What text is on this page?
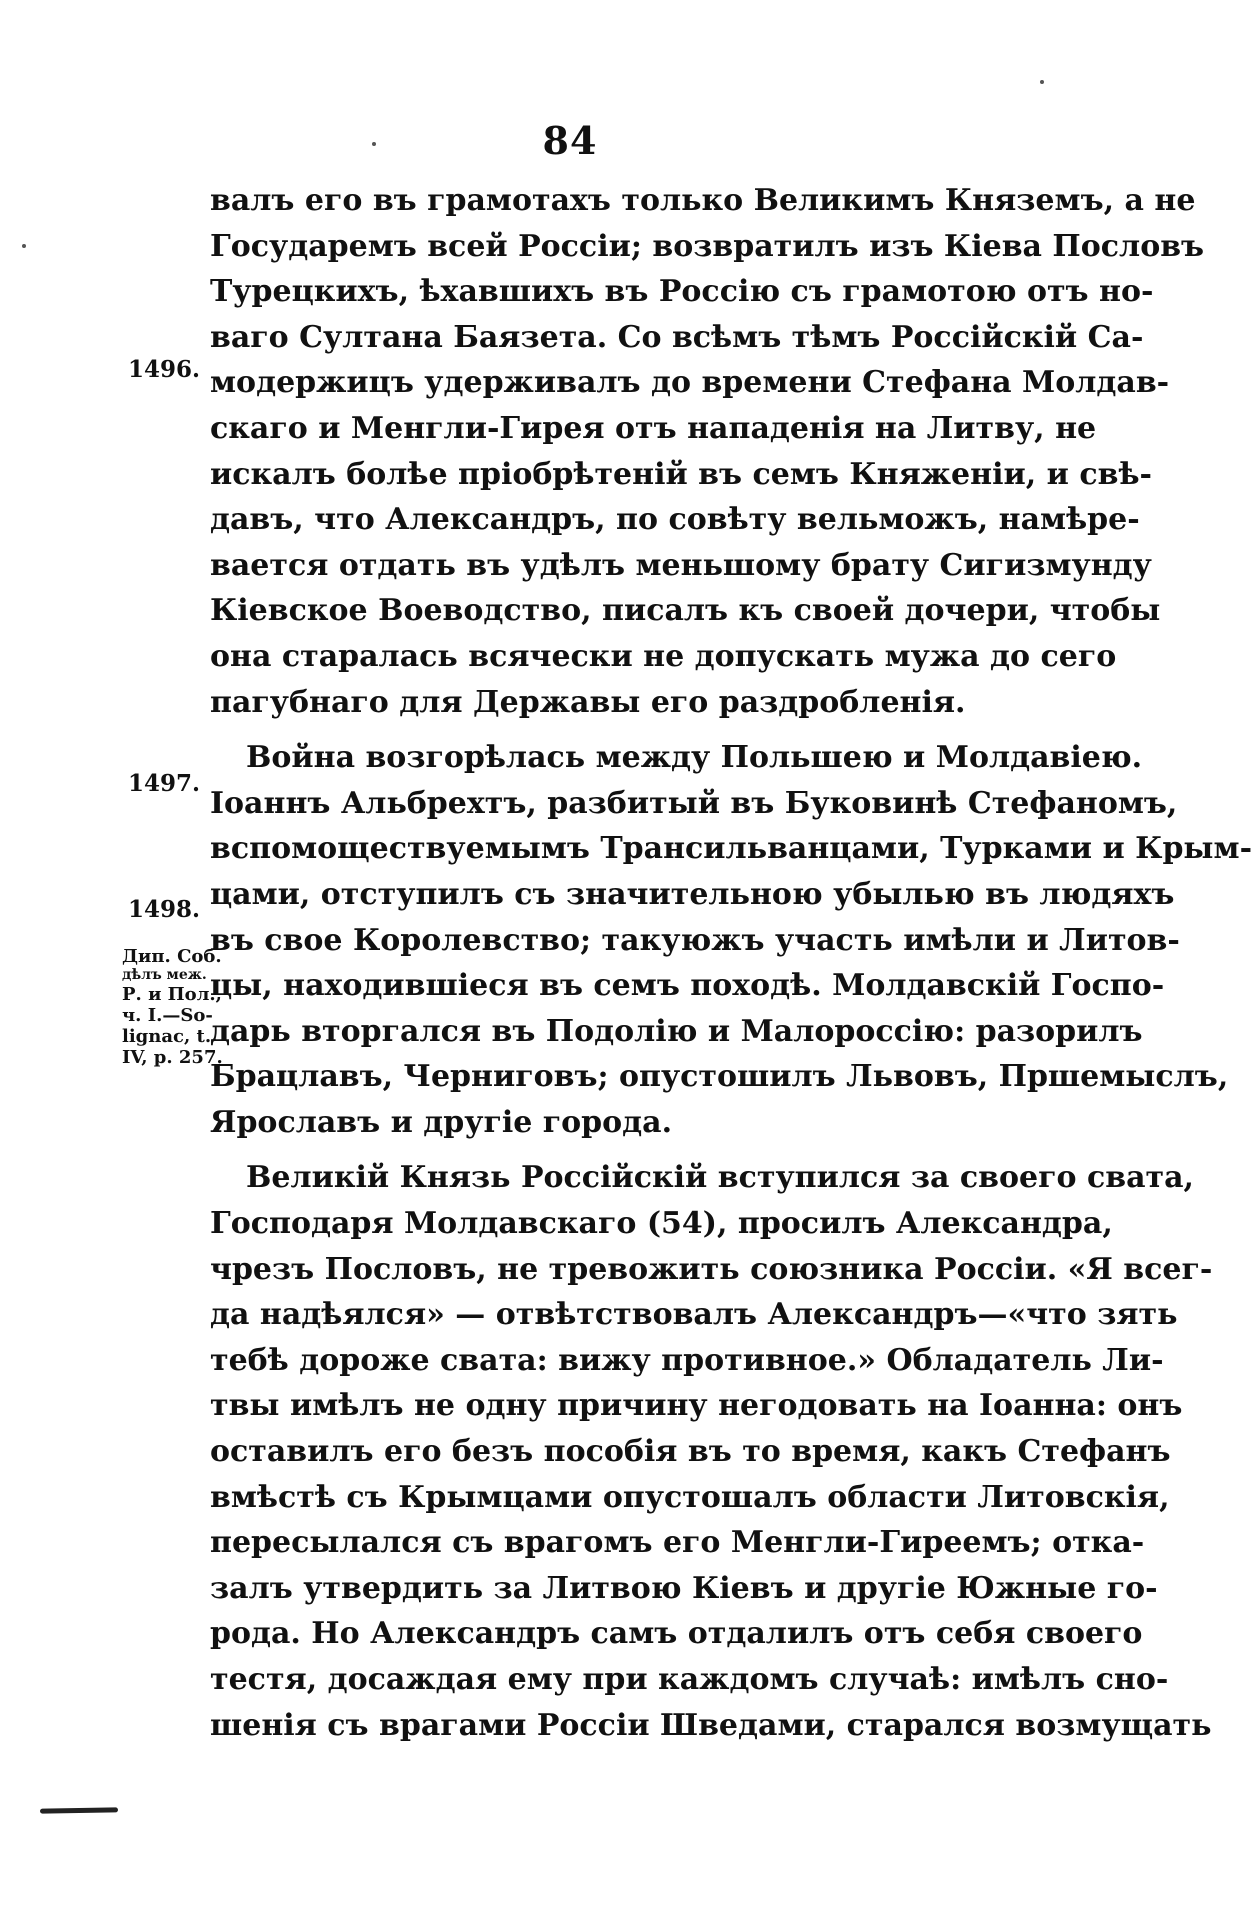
84
1496.
1497.
1498.
Дип. Соб.
дѣлъ меж.
Р. и Пол.,
ч. I.—So-
lignac, t.
IV, p. 257.
валъ его въ грамотахъ только Великимъ Княземъ, а не
Государемъ всей Россіи; возвратилъ изъ Кіева Пословъ
Турецкихъ, ѣхавшихъ въ Россію съ грамотою отъ но-
ваго Султана Баязета. Со всѣмъ тѣмъ Россійскій Са-
модержицъ удерживалъ до времени Стефана Молдав-
скаго и Менгли-Гирея отъ нападенія на Литву, не
искалъ болѣе пріобрѣтеній въ семъ Княженіи, и свѣ-
давъ, что Александръ, по совѣту вельможъ, намѣре-
вается отдать въ удѣлъ меньшому брату Сигизмунду
Кіевское Воеводство, писалъ къ своей дочери, чтобы
она старалась всячески не допускать мужа до сего
пагубнаго для Державы его раздробленія.
Война возгорѣлась между Польшею и Молдавіею.
Іоаннъ Альбрехтъ, разбитый въ Буковинѣ Стефаномъ,
вспомоществуемымъ Трансильванцами, Турками и Крым-
цами, отступилъ съ значительною убылью въ людяхъ
въ свое Королевство; такуюжъ участь имѣли и Литов-
цы, находившіеся въ семъ походѣ. Молдавскій Госпо-
дарь вторгался въ Подолію и Малороссію: разорилъ
Брацлавъ, Черниговъ; опустошилъ Львовъ, Пршемыслъ,
Ярославъ и другіе города.
Великій Князь Россійскій вступился за своего свата,
Господаря Молдавскаго (54), просилъ Александра,
чрезъ Пословъ, не тревожить союзника Россіи. «Я всег-
да надѣялся» — отвѣтствовалъ Александръ—«что зять
тебѣ дороже свата: вижу противное.» Обладатель Ли-
твы имѣлъ не одну причину негодовать на Іоанна: онъ
оставилъ его безъ пособія въ то время, какъ Стефанъ
вмѣстѣ съ Крымцами опустошалъ области Литовскія,
пересылался съ врагомъ его Менгли-Гиреемъ; отка-
залъ утвердить за Литвою Кіевъ и другіе Южные го-
рода. Но Александръ самъ отдалилъ отъ себя своего
тестя, досаждая ему при каждомъ случаѣ: имѣлъ сно-
шенія съ врагами Россіи Шведами, старался возмущать
